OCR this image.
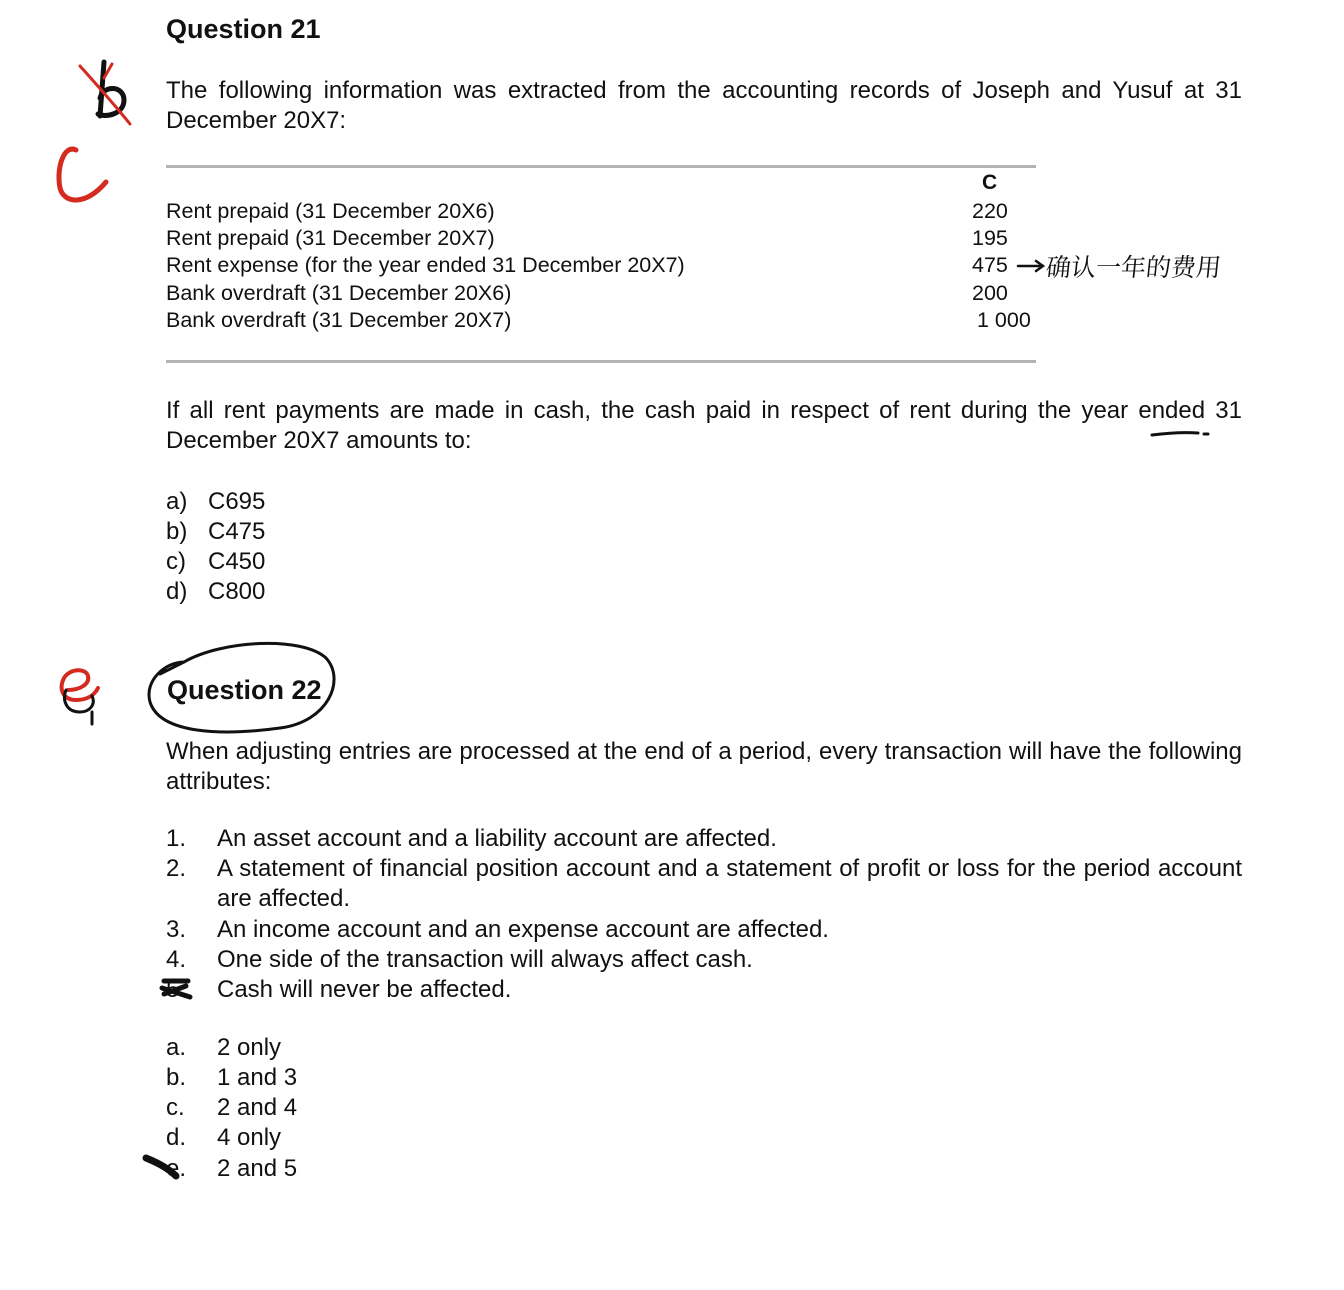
Question 21
The following information was extracted from the accounting records of Joseph and Yusuf at 31 December 20X7:
C
Rent prepaid (31 December 20X6)	220
Rent prepaid (31 December 20X7)	195
Rent expense (for the year ended 31 December 20X7)	475
Bank overdraft (31 December 20X6)	200
Bank overdraft (31 December 20X7)	1 000
If all rent payments are made in cash, the cash paid in respect of rent during the year ended 31 December 20X7 amounts to:
a) C695
b) C475
c) C450
d) C800
Question 22
When adjusting entries are processed at the end of a period, every transaction will have the following attributes:
1. An asset account and a liability account are affected.
2. A statement of financial position account and a statement of profit or loss for the period account are affected.
3. An income account and an expense account are affected.
4. One side of the transaction will always affect cash.
5. Cash will never be affected.
a. 2 only
b. 1 and 3
c. 2 and 4
d. 4 only
e. 2 and 5
确认一年的费用
